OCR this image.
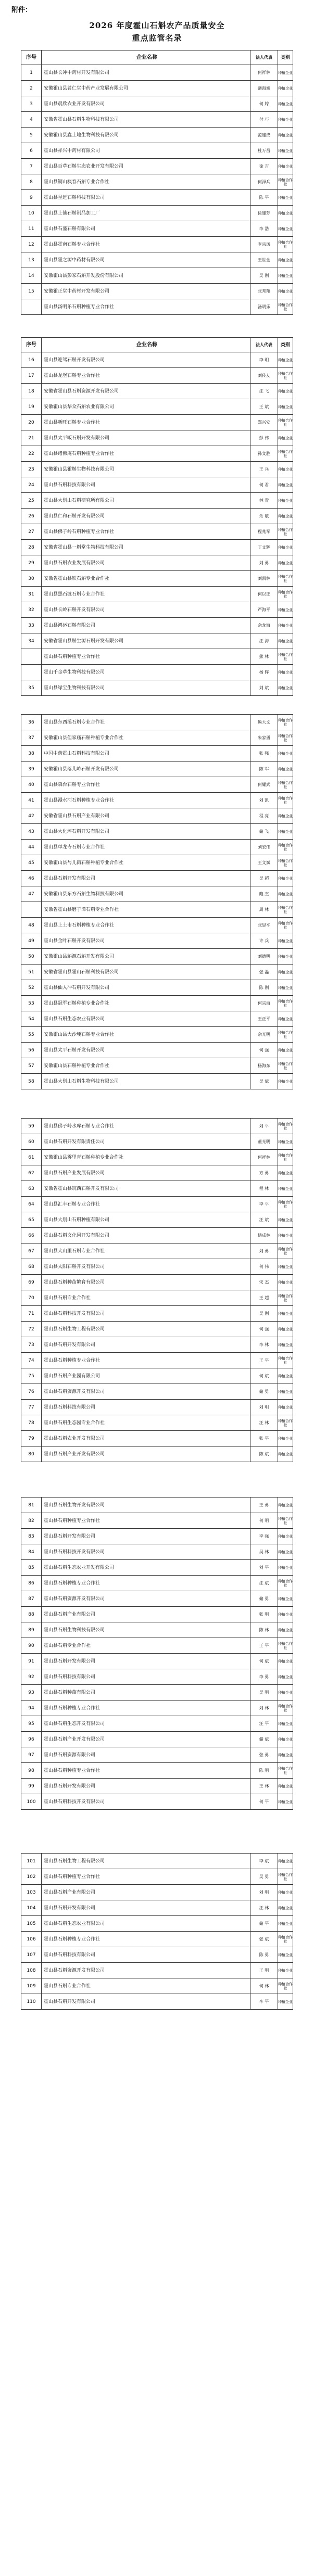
附件：
2026 年度霍山石斛农产品质量安全
重点监管名录
序号	企业名称	法人代表	类别
1	霍山县长冲中药材开发有限公司	何祥林	种植企业
2	安徽霍山县茗仁堂中药产业发展有限公司	潘海斌	种植企业
3	霍山县晨欣农业开发有限公司	何 婷	种植企业
4	安徽省霍山县石斛生物科技有限公司	付 巧	种植企业
5	安徽霍山县鑫土地生物科技有限公司	范建成	种植企业
6	霍山县祥兴中药材有限公司	杜万昌	种植企业
7	霍山县百草石斛生态农业开发有限公司	徐 吉	种植企业
8	霍山县铜山枫春石斛专业合作社	何泽兵	种植合作社
9	霍山县星远石斛科技有限公司	陈 平	种植企业
10	霍山县上仙石斛制品加工厂	徐建芳	种植企业
11	霍山县石盛石斛有限公司	李 浩	种植企业
12	霍山县霍南石斛专业合作社	李宗凤	种植合作社
13	霍山县霍之源中药材有限公司	王世金	种植企业
14	安徽霍山县彭家石斛开发股份有限公司	吴 刚	种植企业
15	安徽霍正堂中药材开发有限公司	张邦翔	种植企业
	霍山县汤明乐石斛种植专业合作社	汤明乐	种植合作社
序号	企业名称	法人代表	类别
16	霍山县迎驾石斛开发有限公司	李 明	种植企业
17	霍山县龙堡石斛专业合作社	刘传友	种植合作社
18	安徽省霍山县石斛资源开发有限公司	汪 飞	种植企业
19	安徽霍山县华众石斛农业有限公司	王 斌	种植企业
20	霍山县新旺石斛专业合作社	郑兴安	种植合作社
21	霍山县太平畈石斛开发有限公司	彭 伟	种植企业
22	霍山县诸佛庵石斛种植专业合作社	孙文胜	种植合作社
23	安徽霍山县霍斛生物科技有限公司	王 兵	种植企业
24	霍山县石斛科技有限公司	何 君	种植企业
25	霍山县大别山石斛研究所有限公司	林 青	种植企业
26	霍山县仁和石斛开发有限公司	余 敏	种植企业
27	霍山县佛子岭石斛种植专业合作社	程兆军	种植合作社
28	安徽省霍山县一斛堂生物科技有限公司	丁文辉	种植企业
29	霍山县石斛农业发展有限公司	刘 勇	种植企业
30	安徽省霍山县铁石斛专业合作社	刘凯林	种植合作社
31	霍山县黑石渡石斛专业合作社	何以正	种植合作社
32	霍山县长岭石斛开发有限公司	严海平	种植企业
33	霍山县鸿运石斛有限公司	余龙海	种植企业
34	安徽省霍山县斛生源石斛开发有限公司	汪 涛	种植企业
	霍山县石斛种植专业合作社	熊 林	种植合作社
	霍山千金草生物科技有限公司	杨 晖	种植企业
35	霍山县绿宝生物科技有限公司	刘 斌	种植企业
36	霍山县东西溪石斛专业合作社	熊大文	种植合作社
37	安徽霍山县但家庙石斛种植专业合作社	朱家勇	种植合作社
38	中国中药霍山石斛科技有限公司	张 强	种植企业
39	安徽霍山县落儿岭石斛开发有限公司	陈 军	种植企业
40	霍山县森台石斛专业合作社	何耀武	种植合作社
41	霍山县漫水河石斛种植专业合作社	刘 凯	种植合作社
42	安徽省霍山县石斛产业有限公司	程 亮	种植企业
43	霍山县大化坪石斛开发有限公司	储 飞	种植企业
44	霍山县单龙寺石斛专业合作社	刘宏伟	种植合作社
45	安徽霍山县与儿街石斛种植专业合作社	王文斌	种植合作社
46	霍山县石斛开发有限公司	吴 超	种植企业
47	安徽霍山县东方石斛生物科技有限公司	鲍 杰	种植企业
	安徽省霍山县磨子潭石斛专业合作社	周 林	种植合作社
48	霍山县上土市石斛种植专业合作社	张思平	种植合作社
49	霍山县金叶石斛开发有限公司	许 兵	种植企业
50	安徽霍山县斛源石斛开发有限公司	刘德明	种植企业
51	安徽省霍山县霍山石斛科技有限公司	张 磊	种植企业
52	霍山县仙人冲石斛开发有限公司	陈 刚	种植企业
53	霍山县冠军石斛种植专业合作社	何宗海	种植合作社
54	霍山县石斛生态农业有限公司	王正平	种植企业
55	安徽霍山县大沙埂石斛专业合作社	余光明	种植合作社
56	霍山县太平石斛开发有限公司	何 强	种植企业
57	安徽霍山县石斛种植专业合作社	杨海东	种植合作社
58	霍山县大别山石斛生物科技有限公司	吴 斌	种植企业
59	霍山县佛子岭水库石斛专业合作社	刘 平	种植合作社
60	霍山县石斛开发有限责任公司	董光明	种植企业
61	安徽霍山县雾里青石斛种植专业合作社	何祥林	种植合作社
62	霍山县石斛产业发展有限公司	方 勇	种植企业
63	安徽省霍山县皖西石斛开发有限公司	程 林	种植企业
64	霍山县汇丰石斛专业合作社	李 平	种植合作社
65	霍山县大别山石斛种植有限公司	汪 斌	种植企业
66	霍山县石斛文化园开发有限公司	储成林	种植企业
67	霍山县大山里石斛专业合作社	刘 勇	种植合作社
68	霍山县太阳石斛开发有限公司	何 伟	种植企业
69	霍山县石斛种苗繁育有限公司	宋 杰	种植企业
70	霍山县石斛专业合作社	王 超	种植合作社
71	霍山县石斛科技开发有限公司	吴 刚	种植企业
72	霍山县石斛生物工程有限公司	何 强	种植企业
73	霍山县石斛开发有限公司	李 林	种植企业
74	霍山县石斛种植专业合作社	王 平	种植合作社
75	霍山县石斛产业园有限公司	何 斌	种植企业
76	霍山县石斛资源开发有限公司	储 勇	种植企业
77	霍山县石斛科技有限公司	刘 明	种植企业
78	霍山县石斛生态园专业合作社	汪 林	种植合作社
79	霍山县石斛农业开发有限公司	张 平	种植企业
80	霍山县石斛产业开发有限公司	陈 斌	种植企业
81	霍山县石斛生物开发有限公司	王 勇	种植企业
82	霍山县石斛种植专业合作社	何 明	种植合作社
83	霍山县石斛开发有限公司	李 强	种植企业
84	霍山县石斛科技开发有限公司	吴 林	种植企业
85	霍山县石斛生态农业开发有限公司	刘 平	种植企业
86	霍山县石斛种植专业合作社	汪 斌	种植合作社
87	霍山县石斛资源开发有限公司	储 勇	种植企业
88	霍山县石斛产业有限公司	张 明	种植企业
89	霍山县石斛生物科技有限公司	陈 林	种植企业
90	霍山县石斛专业合作社	王 平	种植合作社
91	霍山县石斛开发有限公司	何 斌	种植企业
92	霍山县石斛科技有限公司	李 勇	种植企业
93	霍山县石斛种苗有限公司	吴 明	种植企业
94	霍山县石斛种植专业合作社	刘 林	种植合作社
95	霍山县石斛生态开发有限公司	汪 平	种植企业
96	霍山县石斛产业开发有限公司	储 斌	种植企业
97	霍山县石斛资源有限公司	张 勇	种植企业
98	霍山县石斛种植专业合作社	陈 明	种植合作社
99	霍山县石斛开发有限公司	王 林	种植企业
100	霍山县石斛科技开发有限公司	何 平	种植企业
101	霍山县石斛生物工程有限公司	李 斌	种植企业
102	霍山县石斛种植专业合作社	吴 勇	种植合作社
103	霍山县石斛产业有限公司	刘 明	种植企业
104	霍山县石斛开发有限公司	汪 林	种植企业
105	霍山县石斛生态农业有限公司	储 平	种植企业
106	霍山县石斛种植专业合作社	张 斌	种植合作社
107	霍山县石斛科技有限公司	陈 勇	种植企业
108	霍山县石斛资源开发有限公司	王 明	种植企业
109	霍山县石斛专业合作社	何 林	种植合作社
110	霍山县石斛开发有限公司	李 平	种植企业
